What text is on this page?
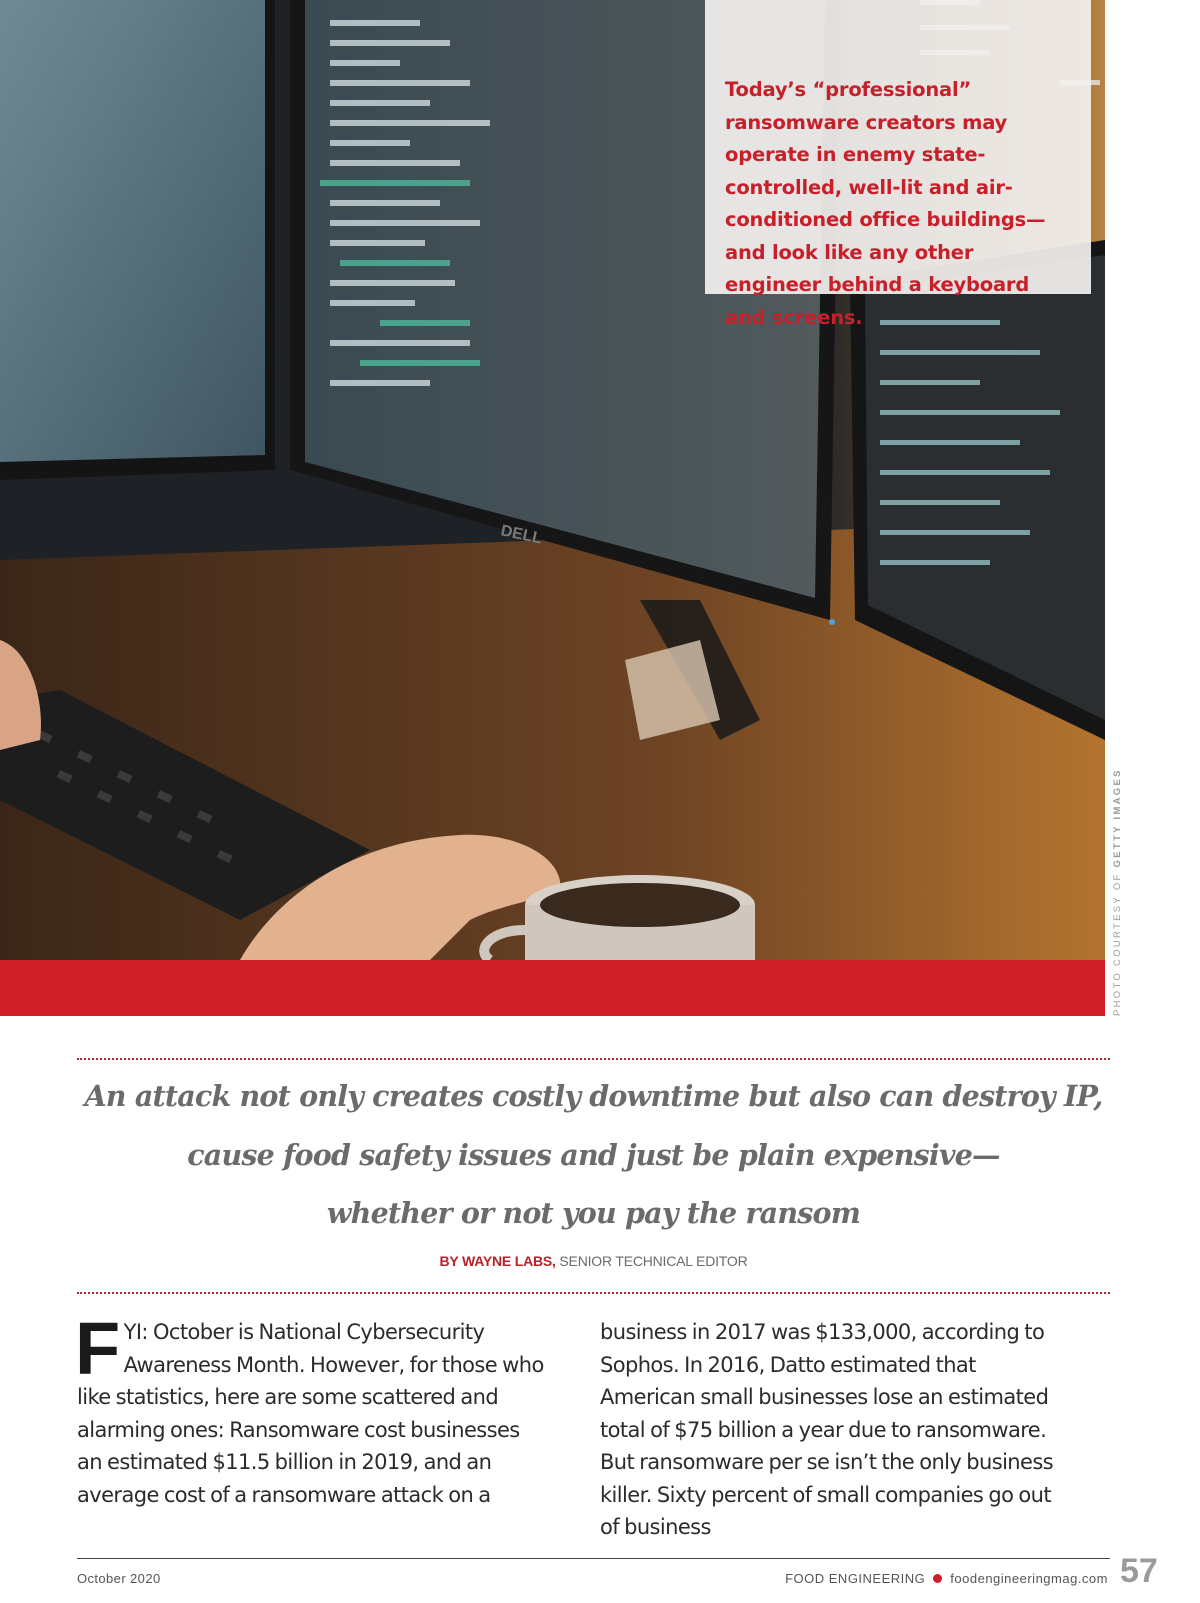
DELL

Today’s “professional” ransomware creators may operate in enemy state-controlled, well-lit and air-conditioned office buildings—and look like any other engineer behind a keyboard and screens.

PHOTO COURTESY OF GETTY IMAGES
An attack not only creates costly downtime but also can destroy IP,
cause food safety issues and just be plain expensive—
whether or not you pay the ransom
BY WAYNE LABS, SENIOR TECHNICAL EDITOR

FYI: October is National Cybersecurity Awareness Month. However, for those who like statistics, here are some scattered and alarming ones: Ransomware cost businesses an estimated $11.5 billion in 2019, and an average cost of a ransomware attack on a

business in 2017 was $133,000, according to Sophos. In 2016, Datto estimated that American small businesses lose an estimated total of $75 billion a year due to ransomware. But ransomware per se isn’t the only business killer. Sixty percent of small companies go out of business

October 2020	FOOD ENGINEERING foodengineeringmag.com 57
